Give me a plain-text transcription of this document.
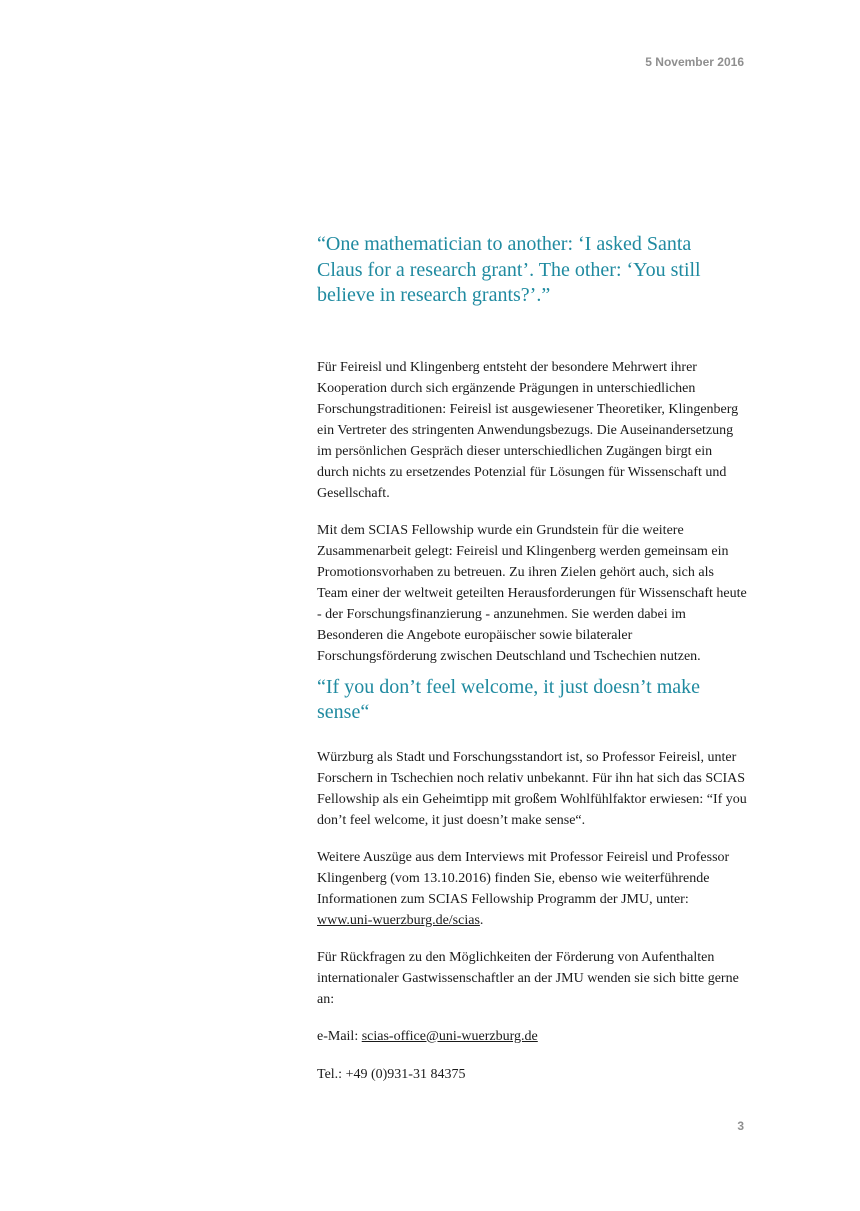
5 November 2016

“One mathematician to another: ‘I asked Santa Claus for a research grant’. The other: ‘You still believe in research grants?’.”

Für Feireisl und Klingenberg entsteht der besondere Mehrwert ihrer Kooperation durch sich ergänzende Prägungen in unterschiedlichen Forschungstraditionen: Feireisl ist ausgewiesener Theoretiker, Klingenberg ein Vertreter des stringenten Anwendungsbezugs. Die Auseinandersetzung im persönlichen Gespräch dieser unterschiedlichen Zugängen birgt ein durch nichts zu ersetzendes Potenzial für Lösungen für Wissenschaft und Gesellschaft.

Mit dem SCIAS Fellowship wurde ein Grundstein für die weitere Zusammenarbeit gelegt: Feireisl und Klingenberg werden gemeinsam ein Promotionsvorhaben zu betreuen. Zu ihren Zielen gehört auch, sich als Team einer der weltweit geteilten Herausforderungen für Wissenschaft heute - der Forschungsfinanzierung - anzunehmen. Sie werden dabei im Besonderen die Angebote europäischer sowie bilateraler Forschungsförderung zwischen Deutschland und Tschechien nutzen.

“If you don’t feel welcome, it just doesn’t make sense“

Würzburg als Stadt und Forschungsstandort ist, so Professor Feireisl, unter Forschern in Tschechien noch relativ unbekannt. Für ihn hat sich das SCIAS Fellowship als ein Geheimtipp mit großem Wohlfühlfaktor erwiesen: “If you don’t feel welcome, it just doesn’t make sense“.

Weitere Auszüge aus dem Interviews mit Professor Feireisl und Professor Klingenberg (vom 13.10.2016) finden Sie, ebenso wie weiterführende Informationen zum SCIAS Fellowship Programm der JMU, unter: www.uni-wuerzburg.de/scias.

Für Rückfragen zu den Möglichkeiten der Förderung von Aufenthalten internationaler Gastwissenschaftler an der JMU wenden sie sich bitte gerne an:

e-Mail: scias-office@uni-wuerzburg.de

Tel.: +49 (0)931-31 84375

3
